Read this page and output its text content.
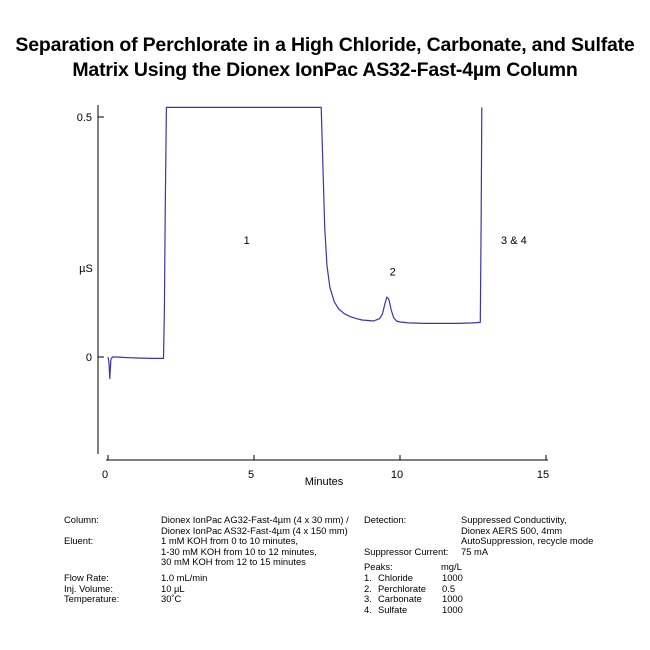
Separation of Perchlorate in a High Chloride, Carbonate, and Sulfate
Matrix Using the Dionex IonPac AS32-Fast-4µm Column
0
0.5
µS
0	5	10	15
Minutes
1
2
3 & 4
Column:	Dionex IonPac AG32-Fast-4µm (4 x 30 mm) /
Dionex IonPac AS32-Fast-4µm (4 x 150 mm)
Eluent:	1 mM KOH from 0 to 10 minutes,
1-30 mM KOH from 10 to 12 minutes,
30 mM KOH from 12 to 15 minutes
Flow Rate:	1.0 mL/min
Inj. Volume:	10 µL
Temperature:	30˚C
Detection:	Suppressed Conductivity,
Dionex AERS 500, 4mm
AutoSuppression, recycle mode
Suppressor Current:	75 mA
Peaks:	mg/L
1. Chloride	1000
2. Perchlorate	0.5
3. Carbonate	1000
4. Sulfate	1000
